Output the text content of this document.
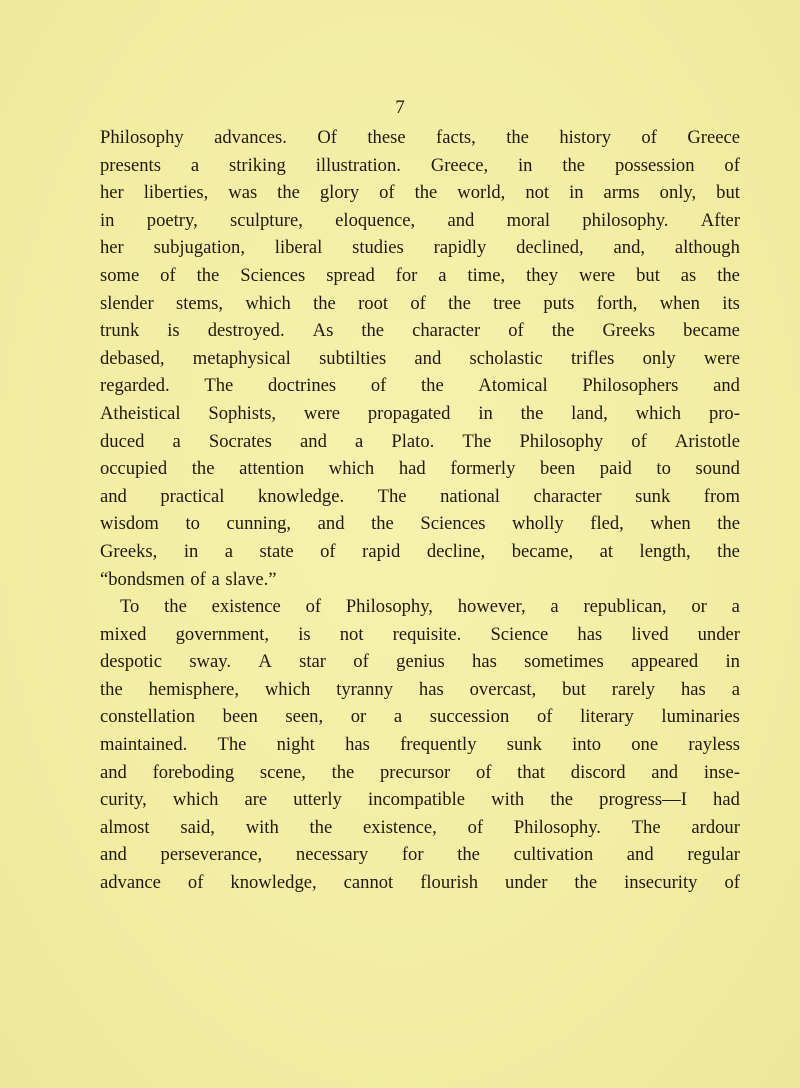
7
Philosophy advances. Of these facts, the history of Greece
presents a striking illustration. Greece, in the possession of
her liberties, was the glory of the world, not in arms only, but
in poetry, sculpture, eloquence, and moral philosophy. After
her subjugation, liberal studies rapidly declined, and, although
some of the Sciences spread for a time, they were but as the
slender stems, which the root of the tree puts forth, when its
trunk is destroyed. As the character of the Greeks became
debased, metaphysical subtilties and scholastic trifles only were
regarded. The doctrines of the Atomical Philosophers and
Atheistical Sophists, were propagated in the land, which pro-
duced a Socrates and a Plato. The Philosophy of Aristotle
occupied the attention which had formerly been paid to sound
and practical knowledge. The national character sunk from
wisdom to cunning, and the Sciences wholly fled, when the
Greeks, in a state of rapid decline, became, at length, the
“bondsmen of a slave.”
To the existence of Philosophy, however, a republican, or a
mixed government, is not requisite. Science has lived under
despotic sway. A star of genius has sometimes appeared in
the hemisphere, which tyranny has overcast, but rarely has a
constellation been seen, or a succession of literary luminaries
maintained. The night has frequently sunk into one rayless
and foreboding scene, the precursor of that discord and inse-
curity, which are utterly incompatible with the progress—I had
almost said, with the existence, of Philosophy. The ardour
and perseverance, necessary for the cultivation and regular
advance of knowledge, cannot flourish under the insecurity of
